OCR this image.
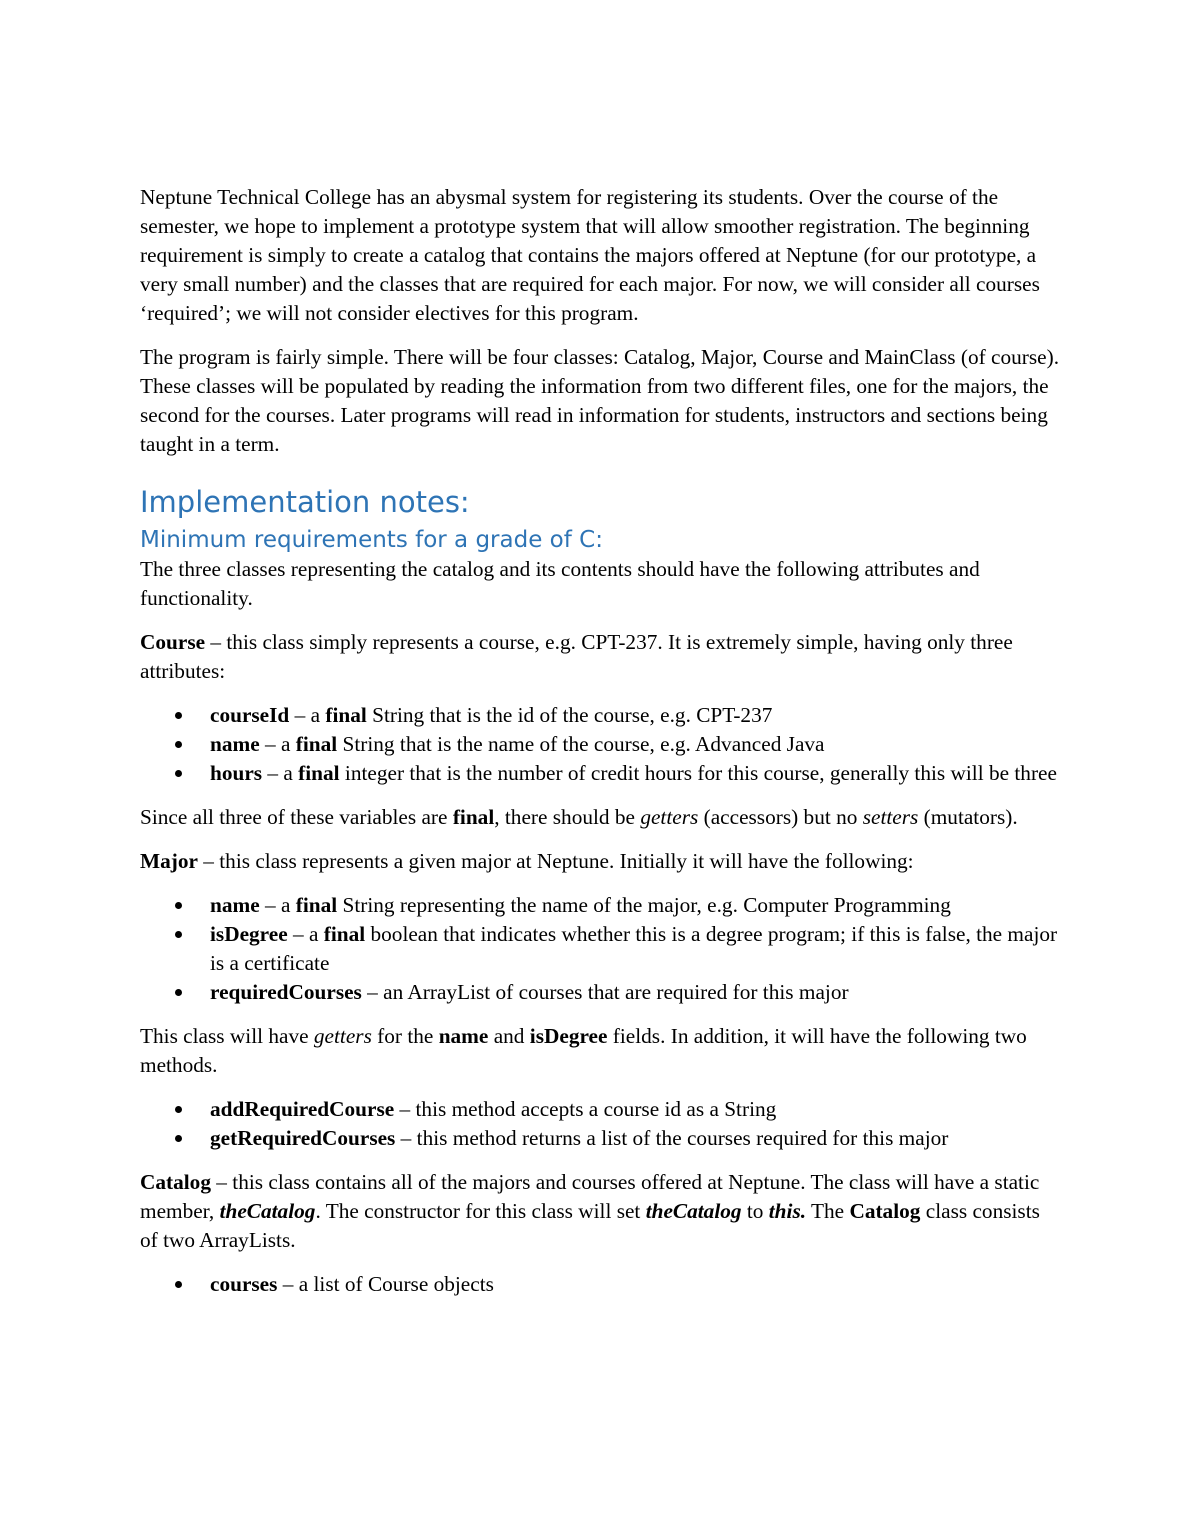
Neptune Technical College has an abysmal system for registering its students. Over the course of the semester, we hope to implement a prototype system that will allow smoother registration. The beginning requirement is simply to create a catalog that contains the majors offered at Neptune (for our prototype, a very small number) and the classes that are required for each major. For now, we will consider all courses ‘required’; we will not consider electives for this program.

The program is fairly simple. There will be four classes: Catalog, Major, Course and MainClass (of course). These classes will be populated by reading the information from two different files, one for the majors, the second for the courses. Later programs will read in information for students, instructors and sections being taught in a term.

Implementation notes:
Minimum requirements for a grade of C:

The three classes representing the catalog and its contents should have the following attributes and functionality.

Course – this class simply represents a course, e.g. CPT-237. It is extremely simple, having only three attributes:

courseId – a final String that is the id of the course, e.g. CPT-237
name – a final String that is the name of the course, e.g. Advanced Java
hours – a final integer that is the number of credit hours for this course, generally this will be three

Since all three of these variables are final, there should be getters (accessors) but no setters (mutators).

Major – this class represents a given major at Neptune. Initially it will have the following:

name – a final String representing the name of the major, e.g. Computer Programming
isDegree – a final boolean that indicates whether this is a degree program; if this is false, the major is a certificate
requiredCourses – an ArrayList of courses that are required for this major

This class will have getters for the name and isDegree fields. In addition, it will have the following two methods.

addRequiredCourse – this method accepts a course id as a String
getRequiredCourses – this method returns a list of the courses required for this major

Catalog – this class contains all of the majors and courses offered at Neptune. The class will have a static member, theCatalog. The constructor for this class will set theCatalog to this. The Catalog class consists of two ArrayLists.

courses – a list of Course objects
